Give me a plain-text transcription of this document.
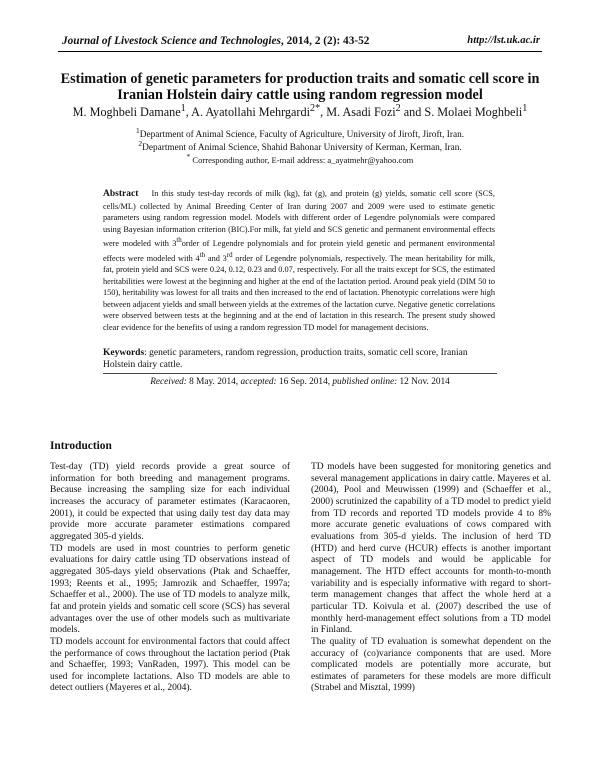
Journal of Livestock Science and Technologies, 2014, 2 (2): 43-52	http://lst.uk.ac.ir
Estimation of genetic parameters for production traits and somatic cell score in
Iranian Holstein dairy cattle using random regression model
M. Moghbeli Damane$^1$, A. Ayatollahi Mehrgardi$^{2*}$, M. Asadi Fozi$^2$ and S. Molaei Moghbeli$^1$
$^1$Department of Animal Science, Faculty of Agriculture, University of Jiroft, Jiroft, Iran.
$^2$Department of Animal Science, Shahid Bahonar University of Kerman, Kerman, Iran.
* Corresponding author, E-mail address: a_ayatmehr@yahoo.com
Abstract In this study test-day records of milk (kg), fat (g), and protein (g) yields, somatic cell score (SCS, cells/ML) collected by Animal Breeding Center of Iran during 2007 and 2009 were used to estimate genetic parameters using random regression model. Models with different order of Legendre polynomials were compared using Bayesian information criterion (BIC).For milk, fat yield and SCS genetic and permanent environmental effects were modeled with 3thorder of Legendre polynomials and for protein yield genetic and permanent environmental effects were modeled with 4th and 3rd order of Legendre polynomials, respectively. The mean heritability for milk, fat, protein yield and SCS were 0.24, 0.12, 0.23 and 0.07, respectively. For all the traits except for SCS, the estimated heritabilities were lowest at the beginning and higher at the end of the lactation period. Around peak yield (DIM 50 to 150), heritability was lowest for all traits and then increased to the end of lactation. Phenotypic correlations were high between adjacent yields and small between yields at the extremes of the lactation curve. Negative genetic correlations were observed between tests at the beginning and at the end of lactation in this research. The present study showed clear evidence for the benefits of using a random regression TD model for management decisions.
Keywords: genetic parameters, random regression, production traits, somatic cell score, Iranian Holstein dairy cattle.
Received: 8 May. 2014, accepted: 16 Sep. 2014, published online: 12 Nov. 2014
Introduction

Test-day (TD) yield records provide a great source of information for both breeding and management programs. Because increasing the sampling size for each individual increases the accuracy of parameter estimates (Karacaoren, 2001), it could be expected that using daily test day data may provide more accurate parameter estimations compared aggregated 305-d yields.

TD models are used in most countries to perform genetic evaluations for dairy cattle using TD observations instead of aggregated 305-days yield observations (Ptak and Schaeffer, 1993; Reents et al., 1995; Jamrozik and Schaeffer, 1997a; Schaeffer et al., 2000). The use of TD models to analyze milk, fat and protein yields and somatic cell score (SCS) has several advantages over the use of other models such as multivariate models.

TD models account for environmental factors that could affect the performance of cows throughout the lactation period (Ptak and Schaeffer, 1993; VanRaden, 1997). This model can be used for incomplete lactations. Also TD models are able to detect outliers (Mayeres et al., 2004).

TD models have been suggested for monitoring genetics and several management applications in dairy cattle. Mayeres et al. (2004), Pool and Meuwissen (1999) and (Schaeffer et al., 2000) scrutinized the capability of a TD model to predict yield from TD records and reported TD models provide 4 to 8% more accurate genetic evaluations of cows compared with evaluations from 305-d yields. The inclusion of herd TD (HTD) and herd curve (HCUR) effects is another important aspect of TD models and would be applicable for management. The HTD effect accounts for month-to-month variability and is especially informative with regard to short-term management changes that affect the whole herd at a particular TD. Koivula et al. (2007) described the use of monthly herd-management effect solutions from a TD model in Finland.

The quality of TD evaluation is somewhat dependent on the accuracy of (co)variance components that are used. More complicated models are potentially more accurate, but estimates of parameters for these models are more difficult (Strabel and Misztal, 1999)
